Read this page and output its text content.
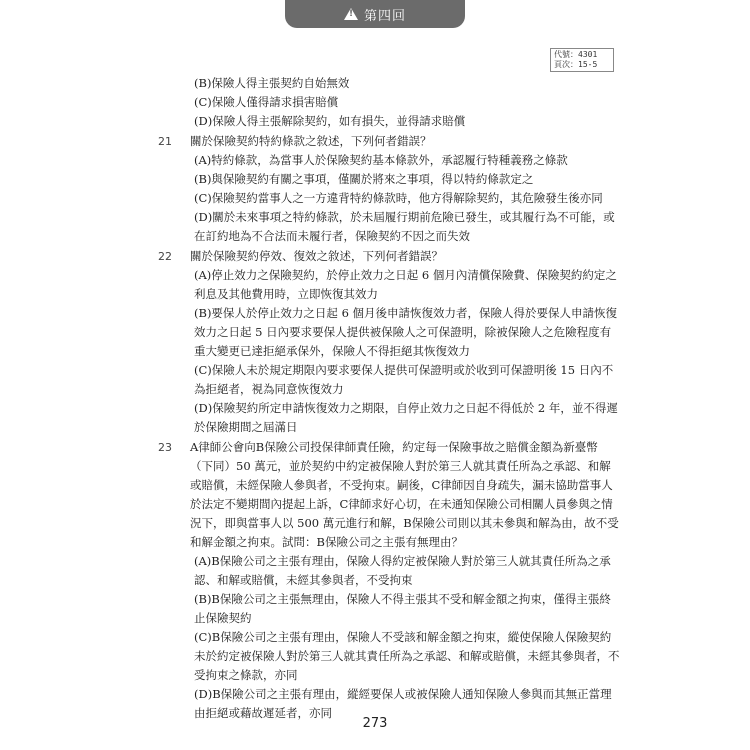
!
第四回
代號：4301
頁次：15-5
(B)保險人得主張契約自始無效
(C)保險人僅得請求損害賠償
(D)保險人得主張解除契約，如有損失，並得請求賠償
21	關於保險契約特約條款之敘述，下列何者錯誤？
(A)特約條款，為當事人於保險契約基本條款外，承認履行特種義務之條款
(B)與保險契約有關之事項，僅關於將來之事項，得以特約條款定之
(C)保險契約當事人之一方違背特約條款時，他方得解除契約，其危險發生後亦同
(D)關於未來事項之特約條款，於未屆履行期前危險已發生，或其履行為不可能，或在訂約地為不合法而未履行者，保險契約不因之而失效
22	關於保險契約停效、復效之敘述，下列何者錯誤？
(A)停止效力之保險契約，於停止效力之日起 6 個月內清償保險費、保險契約約定之利息及其他費用時，立即恢復其效力
(B)要保人於停止效力之日起 6 個月後申請恢復效力者，保險人得於要保人申請恢復效力之日起 5 日內要求要保人提供被保險人之可保證明，除被保險人之危險程度有重大變更已達拒絕承保外，保險人不得拒絕其恢復效力
(C)保險人未於規定期限內要求要保人提供可保證明或於收到可保證明後 15 日內不為拒絕者，視為同意恢復效力
(D)保險契約所定申請恢復效力之期限，自停止效力之日起不得低於 2 年，並不得遲於保險期間之屆滿日
23	A律師公會向B保險公司投保律師責任險，約定每一保險事故之賠償金額為新臺幣（下同）50 萬元，並於契約中約定被保險人對於第三人就其責任所為之承認、和解或賠償，未經保險人參與者，不受拘束。嗣後，C律師因自身疏失，漏未協助當事人於法定不變期間內提起上訴，C律師求好心切，在未通知保險公司相關人員參與之情況下，即與當事人以 500 萬元進行和解，B保險公司則以其未參與和解為由，故不受和解金額之拘束。試問：B保險公司之主張有無理由？
(A)B保險公司之主張有理由，保險人得約定被保險人對於第三人就其責任所為之承認、和解或賠償，未經其參與者，不受拘束
(B)B保險公司之主張無理由，保險人不得主張其不受和解金額之拘束，僅得主張終止保險契約
(C)B保險公司之主張有理由，保險人不受該和解金額之拘束，縱使保險人保險契約未於約定被保險人對於第三人就其責任所為之承認、和解或賠償，未經其參與者，不受拘束之條款，亦同
(D)B保險公司之主張有理由，縱經要保人或被保險人通知保險人參與而其無正當理由拒絕或藉故遲延者，亦同
273
